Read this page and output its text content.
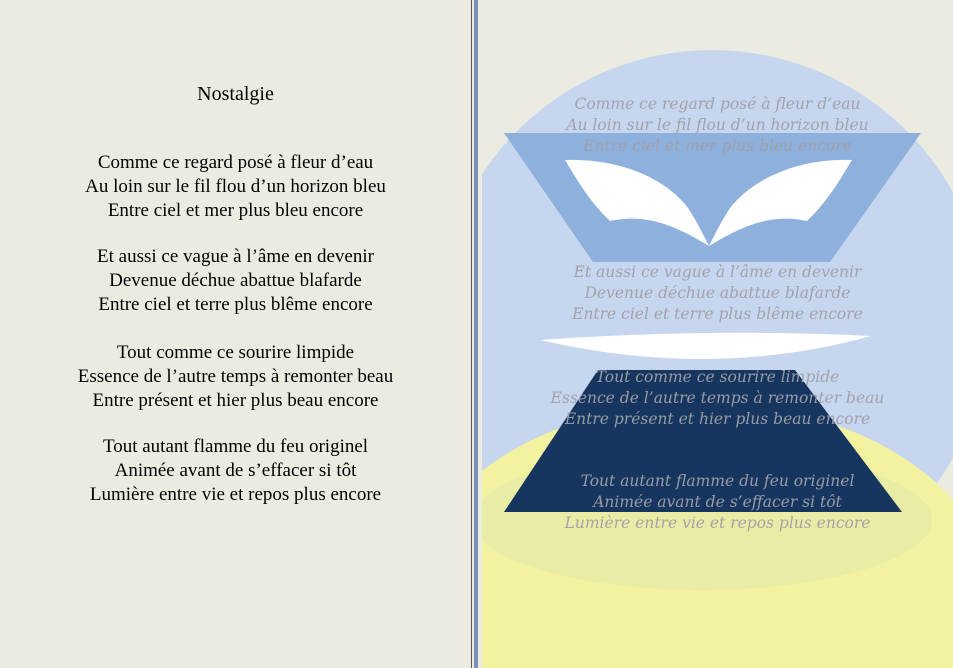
Nostalgie
Comme ce regard posé à fleur d’eau
Au loin sur le fil flou d’un horizon bleu
Entre ciel et mer plus bleu encore
Et aussi ce vague à l’âme en devenir
Devenue déchue abattue blafarde
Entre ciel et terre plus blême encore
Tout comme ce sourire limpide
Essence de l’autre temps à remonter beau
Entre présent et hier plus beau encore
Tout autant flamme du feu originel
Animée avant de s’effacer si tôt
Lumière entre vie et repos plus encore
Comme ce regard posé à fleur d’eau
Au loin sur le fil flou d’un horizon bleu
Entre ciel et mer plus bleu encore
Et aussi ce vague à l’âme en devenir
Devenue déchue abattue blafarde
Entre ciel et terre plus blême encore
Tout comme ce sourire limpide
Essence de l’autre temps à remonter beau
Entre présent et hier plus beau encore
Tout autant flamme du feu originel
Animée avant de s’effacer si tôt
Lumière entre vie et repos plus encore
